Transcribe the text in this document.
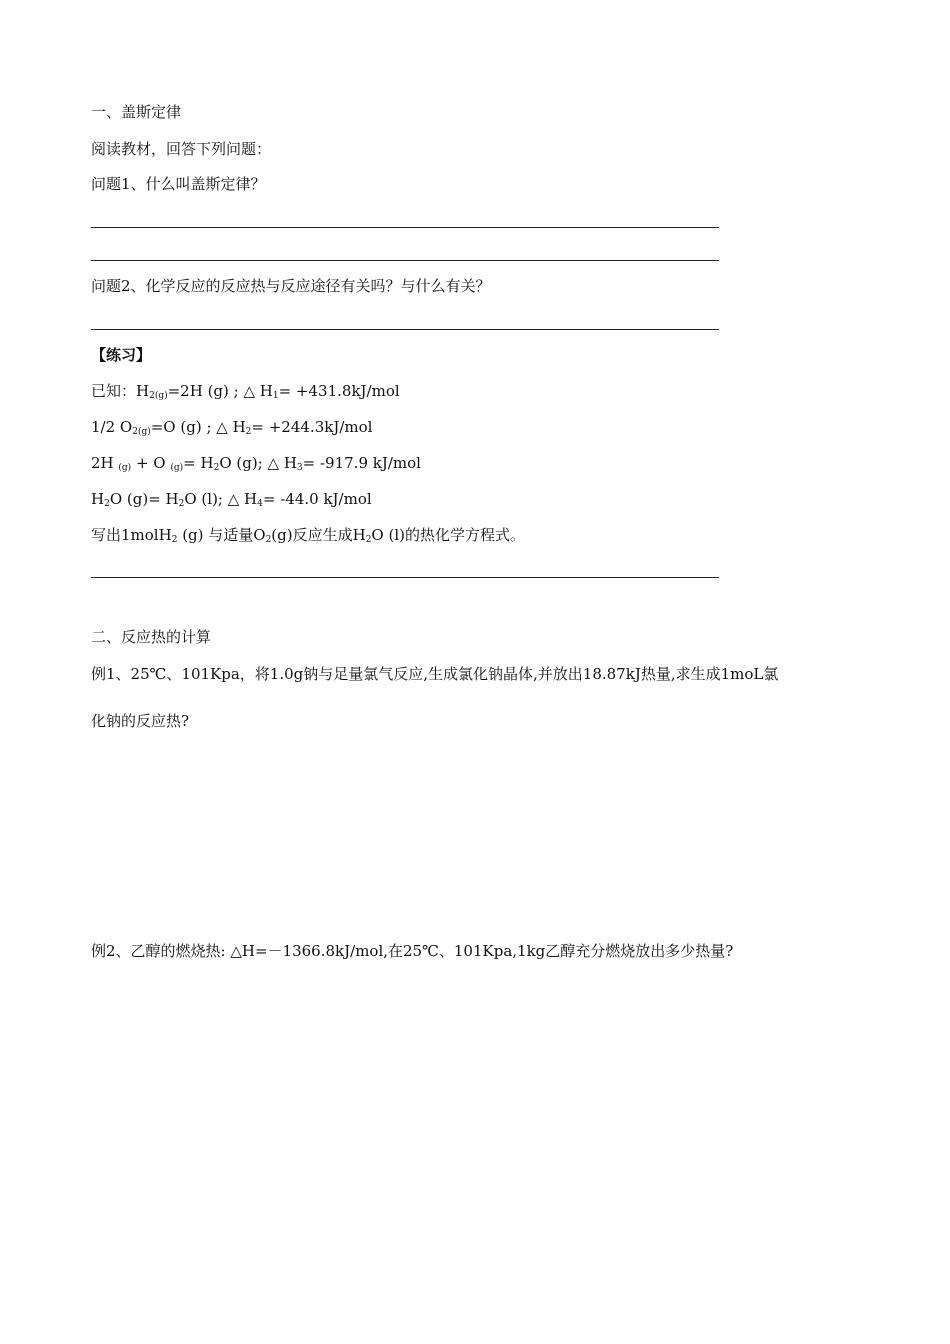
一、盖斯定律
阅读教材，回答下列问题：
问题1、什么叫盖斯定律？
问题2、化学反应的反应热与反应途径有关吗？与什么有关？
【练习】
已知：$H_{2(g)}=2H$ (g) ; △ $H_1= +431.8kJ/mol$
1/2 $O_{2(g)}=O$ (g) ; △ $H_2= +244.3kJ/mol$
2H $_{(g)}$ + O $_{(g)}= H_2O$ (g); △ $H_3= -917.9$ kJ/mol
$H_2O$ $(g)= H_2O$ (l); △ $H_4= -44.0$ kJ/mol
写出1molH$_2$ (g) 与适量$O_2(g)$反应生成$H_2O$ (l)的热化学方程式。
二、反应热的计算
例1、25℃、101Kpa，将1.0g钠与足量氯气反应,生成氯化钠晶体,并放出18.87kJ热量,求生成1moL氯
化钠的反应热?
例2、乙醇的燃烧热: △H=－1366.8kJ/mol,在25℃、101Kpa,1kg乙醇充分燃烧放出多少热量?
